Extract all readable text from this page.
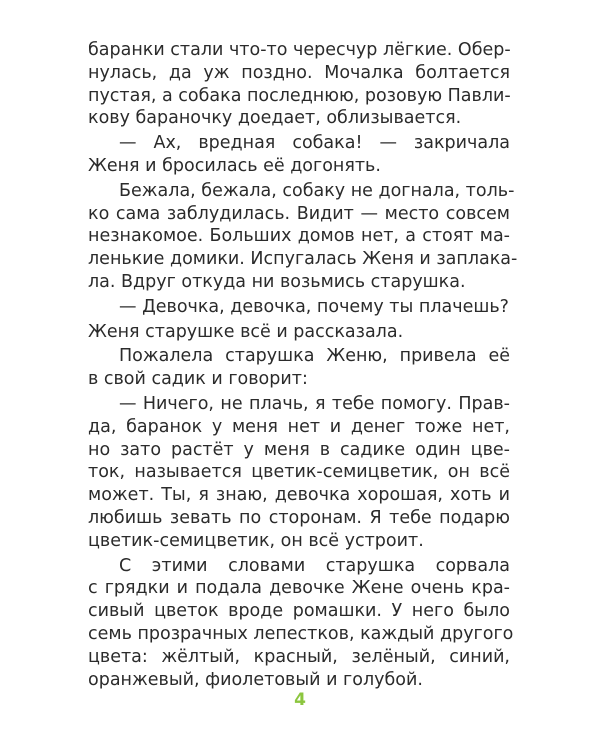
баранки стали что-то чересчур лёгкие. Обер-
нулась, да уж поздно. Мочалка болтается
пустая, а собака последнюю, розовую Павли-
кову бараночку доедает, облизывается.
— Ах, вредная собака! — закричала
Женя и бросилась её догонять.
Бежала, бежала, собаку не догнала, толь-
ко сама заблудилась. Видит — место совсем
незнакомое. Больших домов нет, а стоят ма-
ленькие домики. Испугалась Женя и заплака-
ла. Вдруг откуда ни возьмись старушка.
— Девочка, девочка, почему ты плачешь?
Женя старушке всё и рассказала.
Пожалела старушка Женю, привела её
в свой садик и говорит:
— Ничего, не плачь, я тебе помогу. Прав-
да, баранок у меня нет и денег тоже нет,
но зато растёт у меня в садике один цве-
ток, называется цветик-семицветик, он всё
может. Ты, я знаю, девочка хорошая, хоть и
любишь зевать по сторонам. Я тебе подарю
цветик-семицветик, он всё устроит.
С этими словами старушка сорвала
с грядки и подала девочке Жене очень кра-
сивый цветок вроде ромашки. У него было
семь прозрачных лепестков, каждый другого
цвета: жёлтый, красный, зелёный, синий,
оранжевый, фиолетовый и голубой.
4
